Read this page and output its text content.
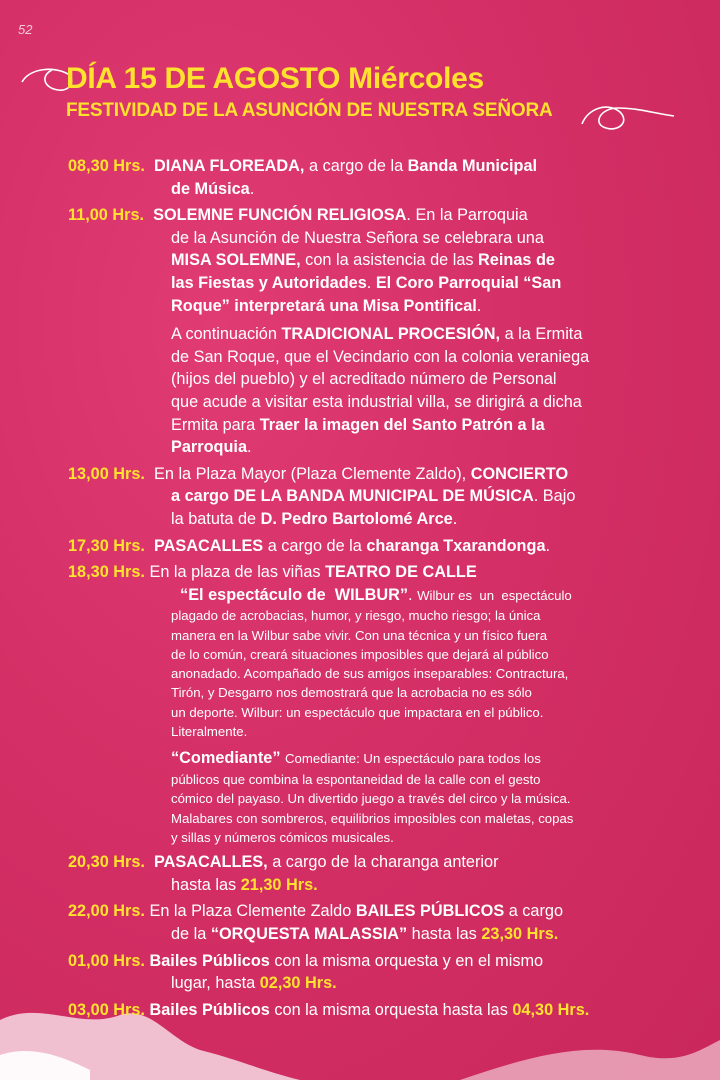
52
DÍA 15 DE AGOSTO Miércoles
FESTIVIDAD DE LA ASUNCIÓN DE NUESTRA SEÑORA
08,30 Hrs. DIANA FLOREADA, a cargo de la Banda Municipal
de Música.
11,00 Hrs. SOLEMNE FUNCIÓN RELIGIOSA. En la Parroquia
de la Asunción de Nuestra Señora se celebrara una
MISA SOLEMNE, con la asistencia de las Reinas de
las Fiestas y Autoridades. El Coro Parroquial “San
Roque” interpretará una Misa Pontifical.
A continuación TRADICIONAL PROCESIÓN, a la Ermita
de San Roque, que el Vecindario con la colonia veraniega
(hijos del pueblo) y el acreditado número de Personal
que acude a visitar esta industrial villa, se dirigirá a dicha
Ermita para Traer la imagen del Santo Patrón a la
Parroquia.
13,00 Hrs.  En la Plaza Mayor (Plaza Clemente Zaldo), CONCIERTO
a cargo DE LA BANDA MUNICIPAL DE MÚSICA. Bajo
la batuta de D. Pedro Bartolomé Arce.
17,30 Hrs. PASACALLES a cargo de la charanga Txarandonga.
18,30 Hrs. En la plaza de las viñas TEATRO DE CALLE
“El espectáculo de  WILBUR”. Wilbur es  un  espectáculo
plagado de acrobacias, humor, y riesgo, mucho riesgo; la única
manera en la Wilbur sabe vivir. Con una técnica y un físico fuera
de lo común, creará situaciones imposibles que dejará al público
anonadado. Acompañado de sus amigos inseparables: Contractura,
Tirón, y Desgarro nos demostrará que la acrobacia no es sólo
un deporte. Wilbur: un espectáculo que impactara en el público.
Literalmente.
“Comediante” Comediante: Un espectáculo para todos los
públicos que combina la espontaneidad de la calle con el gesto
cómico del payaso. Un divertido juego a través del circo y la música.
Malabares con sombreros, equilibrios imposibles con maletas, copas
y sillas y números cómicos musicales.
20,30 Hrs. PASACALLES, a cargo de la charanga anterior
hasta las 21,30 Hrs.
22,00 Hrs. En la Plaza Clemente Zaldo BAILES PÚBLICOS a cargo
de la “ORQUESTA MALASSIA” hasta las 23,30 Hrs.
01,00 Hrs. Bailes Públicos con la misma orquesta y en el mismo
lugar, hasta 02,30 Hrs.
03,00 Hrs. Bailes Públicos con la misma orquesta hasta las 04,30 Hrs.
